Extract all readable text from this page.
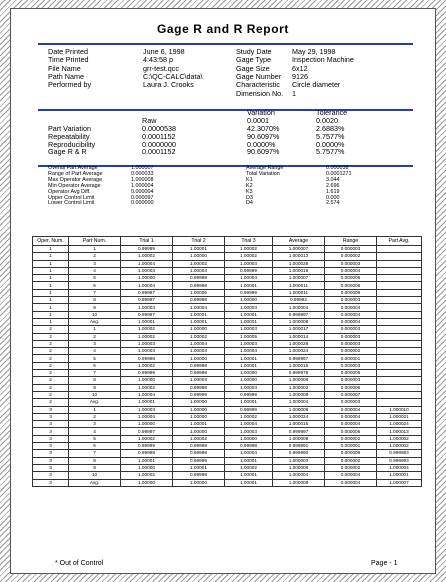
Gage R and R Report
Date Printed	June 6, 1998
Time Printed	4:43:58 p
File Name	grr-test.qcc
Path Name	C:\QC-CALC\data\
Performed by	Laura J. Crooks
Study Date	May 29, 1998
Gage Type	Inspection Machine
Gage Size	6x12
Gage Number 9126
Characteristic Circle diameter
Dimension No. 1
Raw
Variation	Tolerance
0.0001	0.0020
Part Variation	0.0000538	42.3070%	2.6883%
Repeatability	0.0001152	90.6097%	5.7577%
Reproducibility	0.0000000	0.0000%	0.0000%
Gage R & R	0.0001152	90.6097%	5.7577%
Overall Part Average	1.000007
Range of Part Average	0.000033
Max Operator Average	1.000008
Min Operator Average	1.000004
Operator Avg Diff.	0.000004
Upper Control Limit	0.000097
Lower Control Limit	0.000000
Average Range	0.000038
Total Variation	0.0001271
K1	3.044
K2	2.696
K3	1.619
D3	0.000
D4	2.574
Oper. Num.	Part Num.	Trial 1	Trial 2	Trial 3	Average	Range	Part Avg.
1	1	0.99999	1.00001	1.00002	1.000007	0.000003	
1	2	1.00002	1.00000	1.00002	1.000013	0.000002	
1	3	1.00004	1.00002	1.00003	1.000028	0.000003	
1	4	1.00003	1.00003	0.99999	1.000018	0.000004	
1	5	1.00000	0.99999	1.00004	1.000007	0.000005	
1	6	1.00004	0.99998	1.00001	1.000011	0.000006	
1	7	0.99997	1.00006	0.99999	1.000011	0.000009	
1	8	0.99997	0.99998	1.00000	0.99982	0.000003	
1	9	1.00003	1.00004	1.00003	1.000004	0.000004	
1	10	0.99997	1.00001	1.00001	0.999997	0.000004	
1	Avg.	1.00001	1.00001	1.00001	1.000008	0.000004	
2	1	1.00002	1.00000	1.00003	1.000017	0.000003	
2	2	1.00002	1.00002	1.00005	1.000014	0.000003	
2	3	1.00003	1.00004	1.00003	1.000028	0.000003	
2	4	1.00003	1.00003	1.00004	1.000024	0.000002	
2	5	0.99998	1.00000	1.00001	0.999997	0.000001	
2	6	1.00002	0.99998	1.00001	1.000015	0.000003	
2	7	0.99999	0.99998	1.00000	0.999978	0.000005	
2	8	1.00000	1.00003	1.00000	1.000008	0.000003	
2	9	1.00002	0.99998	1.00003	1.000002	0.000006	
2	10	1.00004	0.99999	0.99999	1.000008	0.000007	
2	Avg.	1.00001	1.00000	1.00001	1.000004	0.000003	
3	1	1.00003	1.00000	0.99999	1.000008	0.000004	1.000010
3	2	1.00004	1.00000	1.00002	1.000024	0.000004	1.000021
3	3	1.00000	1.00001	1.00004	1.000016	0.000004	1.000024
3	4	0.99997	1.00000	1.00003	0.999997	0.000006	1.000013
3	5	1.00002	1.00002	1.00000	1.000008	0.000002	1.000002
3	6	0.99999	0.99999	0.99998	0.999991	0.000001	1.000002
3	7	0.99998	0.99998	1.00004	0.999990	0.000009	0.999983
3	8	1.00001	0.99999	1.00001	1.000003	0.000002	0.999993
3	9	1.00000	1.00001	1.00002	1.000008	0.000002	1.000004
3	10	1.00002	0.99998	1.00001	1.000004	0.000004	1.000001
3	Avg.	1.00000	1.00000	1.00001	1.000008	0.000004	1.000007
* Out of Control	Page - 1
